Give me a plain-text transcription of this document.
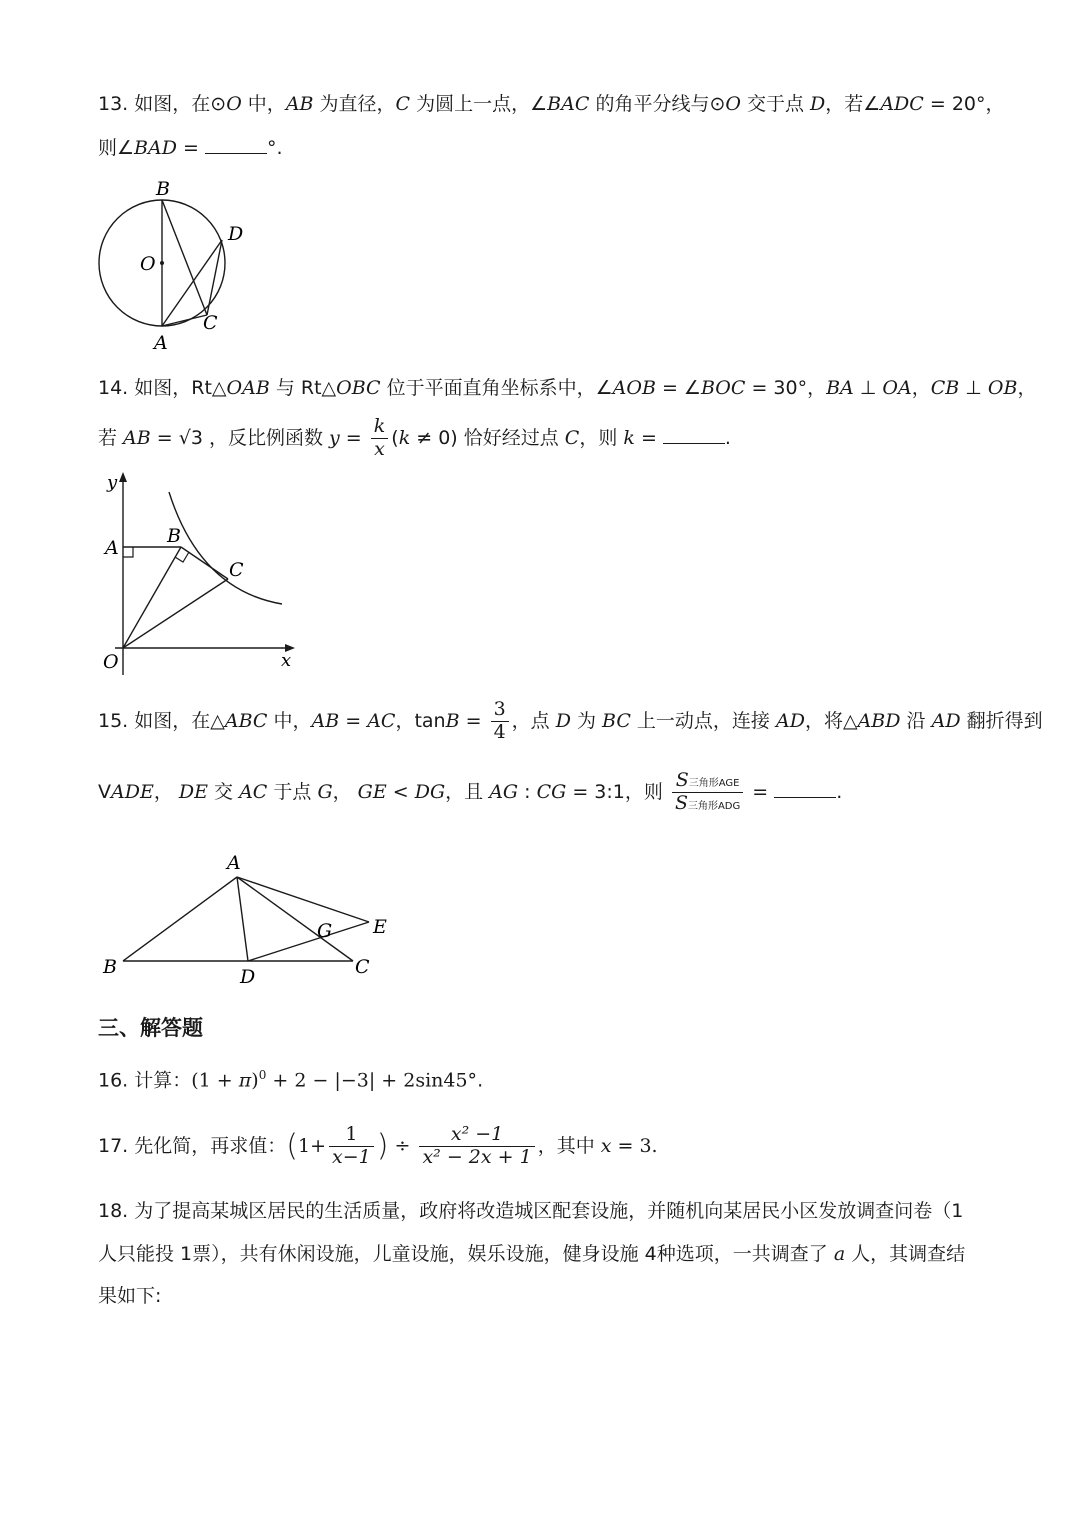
13. 如图，在⊙O 中，AB 为直径，C 为圆上一点，∠BAC 的角平分线与⊙O 交于点 D，若∠ADC = 20°，
则∠BAD =	°.
B
O
D
C
A
14. 如图，Rt△OAB 与 Rt△OBC 位于平面直角坐标系中，∠AOB = ∠BOC = 30°，BA ⊥ OA，CB ⊥ OB，
若 AB = √3 ，反比例函数 $y = \frac{k}{x} (k \ne 0)$ 恰好经过点 C，则 k =	.
y
A
B
C
O	x
15. 如图，在△ABC 中，AB = AC，$\tan B = \frac{3}{4}$ ，点 D 为 BC 上一动点，连接 AD，将△ABD 沿 AD 翻折得到
VADE， DE 交 AC 于点 G， GE < DG，且 AG : CG = 3:1，则 $\frac{\text{S三角形AGE}}{\text{S三角形ADG}}$ =	.
A
E
G
B	D	C
三、解答题
16. 计算：$(1 + \pi)^0 + 2 - |-3| + 2\sin 45^\circ$.
17. 先化简，再求值：($1+ \frac{1}{x-1}$ ) ÷ $\frac{\text{x² −1}}{\text{x² − 2x + 1}}$ ，其中 x = 3.
18. 为了提高某城区居民的生活质量，政府将改造城区配套设施，并随机向某居民小区发放调查问卷（1
人只能投 1票），共有休闲设施，儿童设施，娱乐设施，健身设施 4种选项，一共调查了 a 人，其调查结
果如下:
